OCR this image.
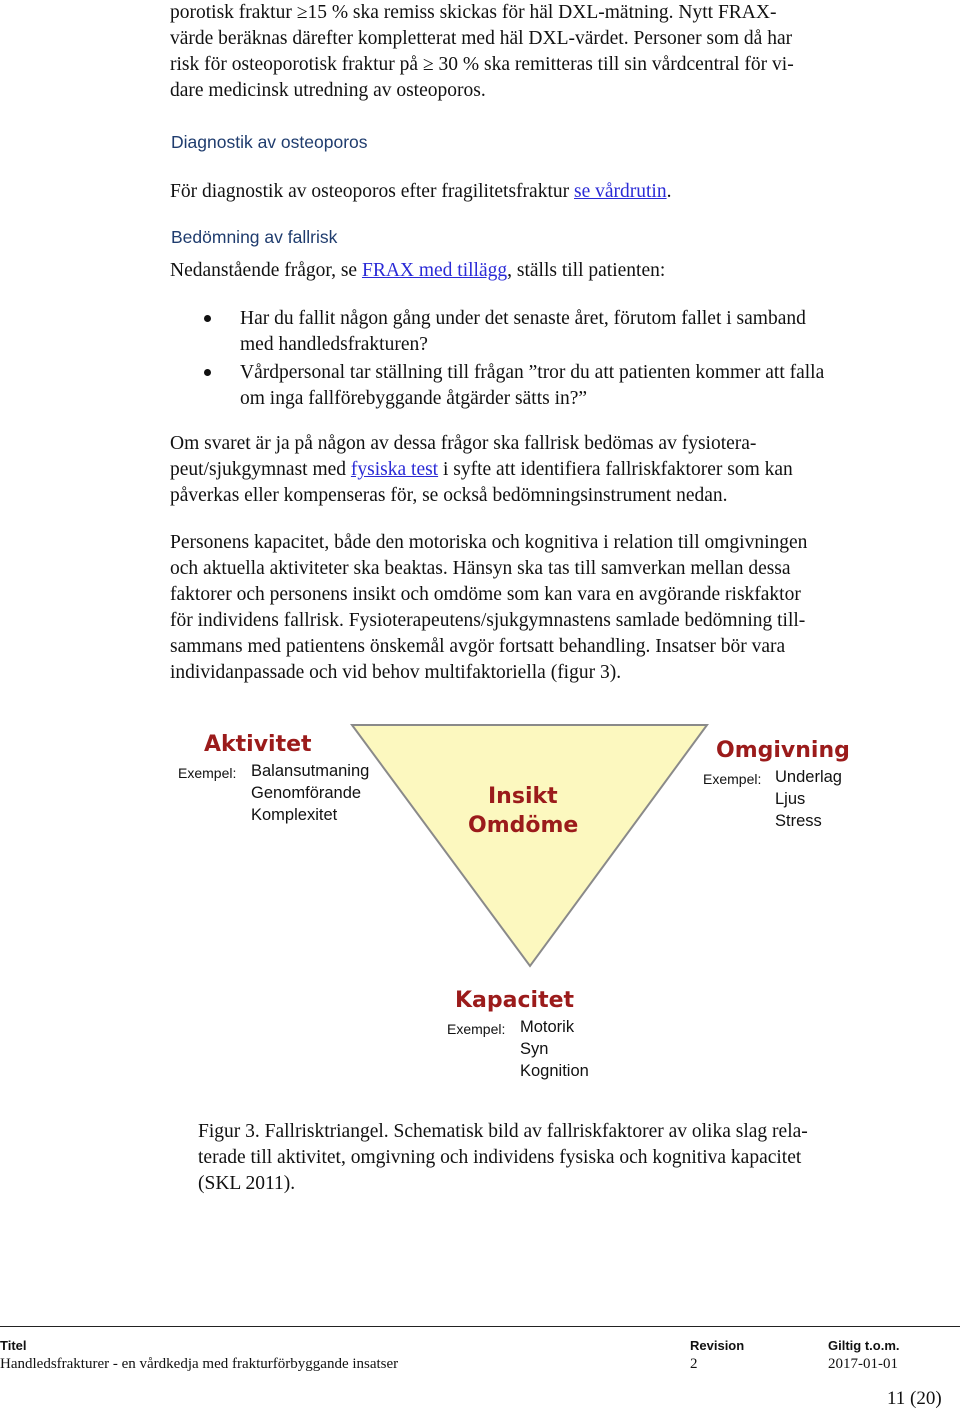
porotisk fraktur ≥15 % ska remiss skickas för häl DXL-mätning. Nytt FRAX-
värde beräknas därefter kompletterat med häl DXL-värdet. Personer som då har
risk för osteoporotisk fraktur på ≥ 30 % ska remitteras till sin vårdcentral för vi-
dare medicinsk utredning av osteoporos.
Diagnostik av osteoporos
För diagnostik av osteoporos efter fragilitetsfraktur se vårdrutin.
Bedömning av fallrisk
Nedanstående frågor, se FRAX med tillägg, ställs till patienten:
Har du fallit någon gång under det senaste året, förutom fallet i samband
med handledsfrakturen?
Vårdpersonal tar ställning till frågan ”tror du att patienten kommer att falla
om inga fallförebyggande åtgärder sätts in?”
Om svaret är ja på någon av dessa frågor ska fallrisk bedömas av fysiotera-
peut/sjukgymnast med fysiska test i syfte att identifiera fallriskfaktorer som kan
påverkas eller kompenseras för, se också bedömningsinstrument nedan.
Personens kapacitet, både den motoriska och kognitiva i relation till omgivningen
och aktuella aktiviteter ska beaktas. Hänsyn ska tas till samverkan mellan dessa
faktorer och personens insikt och omdöme som kan vara en avgörande riskfaktor
för individens fallrisk. Fysioterapeutens/sjukgymnastens samlade bedömning till-
sammans med patientens önskemål avgör fortsatt behandling. Insatser bör vara
individanpassade och vid behov multifaktoriella (figur 3).
Aktivitet
Exempel: Balansutmaning
Genomförande
Komplexitet
Omgivning
Exempel: Underlag
Ljus
Stress
Insikt
Omdöme
Kapacitet
Exempel: Motorik
Syn
Kognition
Figur 3. Fallrisktriangel. Schematisk bild av fallriskfaktorer av olika slag rela-
terade till aktivitet, omgivning och individens fysiska och kognitiva kapacitet
(SKL 2011).
Titel
Handledsfrakturer - en vårdkedja med frakturförbyggande insatser
Revision
2
Giltig t.o.m.
2017-01-01
11 (20)
